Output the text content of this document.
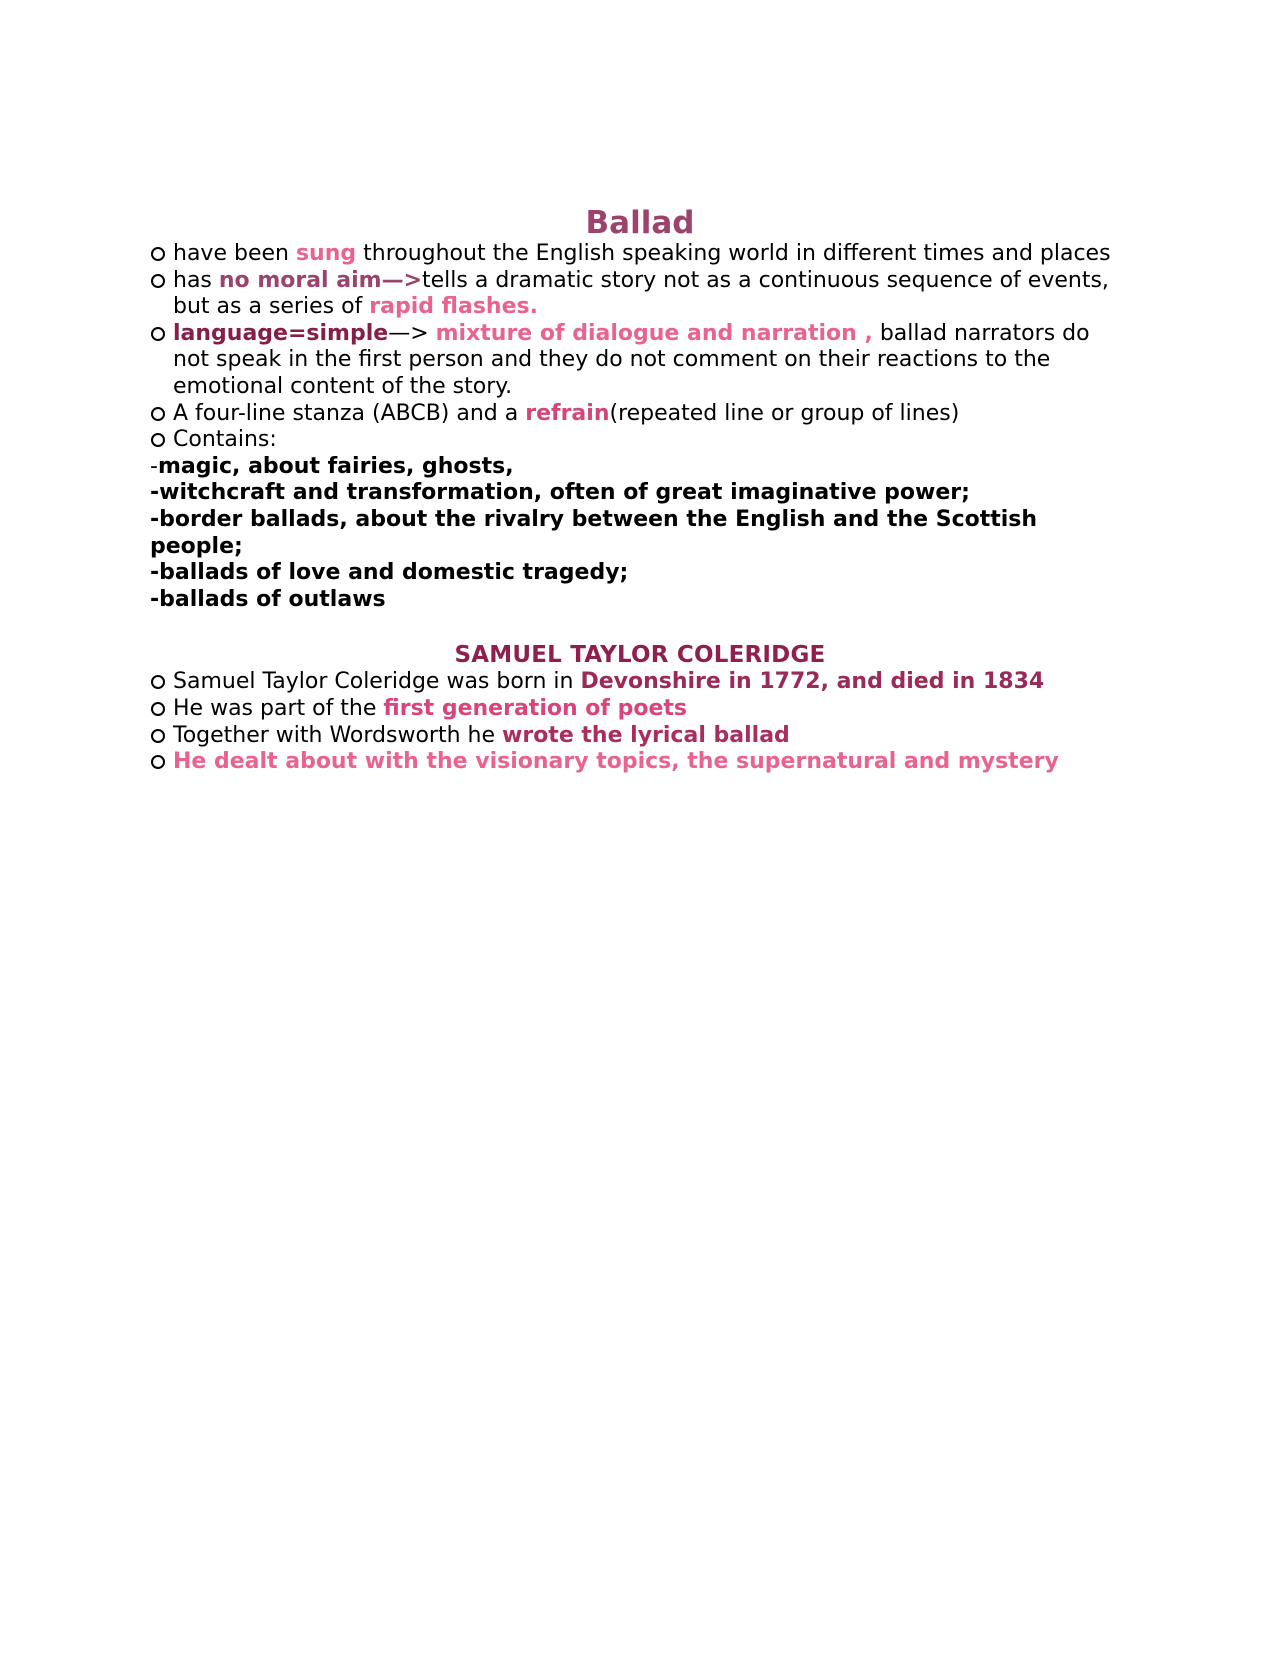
Ballad
have been sung throughout the English speaking world in different times and places
has no moral aim—>tells a dramatic story not as a continuous sequence of events, but as a series of rapid flashes.
language=simple—> mixture of dialogue and narration , ballad narrators do not speak in the first person and they do not comment on their reactions to the emotional content of the story.
A four-line stanza (ABCB) and a refrain(repeated line or group of lines)
Contains:
-magic, about fairies, ghosts,
-witchcraft and transformation, often of great imaginative power;
-border ballads, about the rivalry between the English and the Scottish people;
-ballads of love and domestic tragedy;
-ballads of outlaws
SAMUEL TAYLOR COLERIDGE
Samuel Taylor Coleridge was born in Devonshire in 1772, and died in 1834
He was part of the first generation of poets
Together with Wordsworth he wrote the lyrical ballad
He dealt about with the visionary topics, the supernatural and mystery
